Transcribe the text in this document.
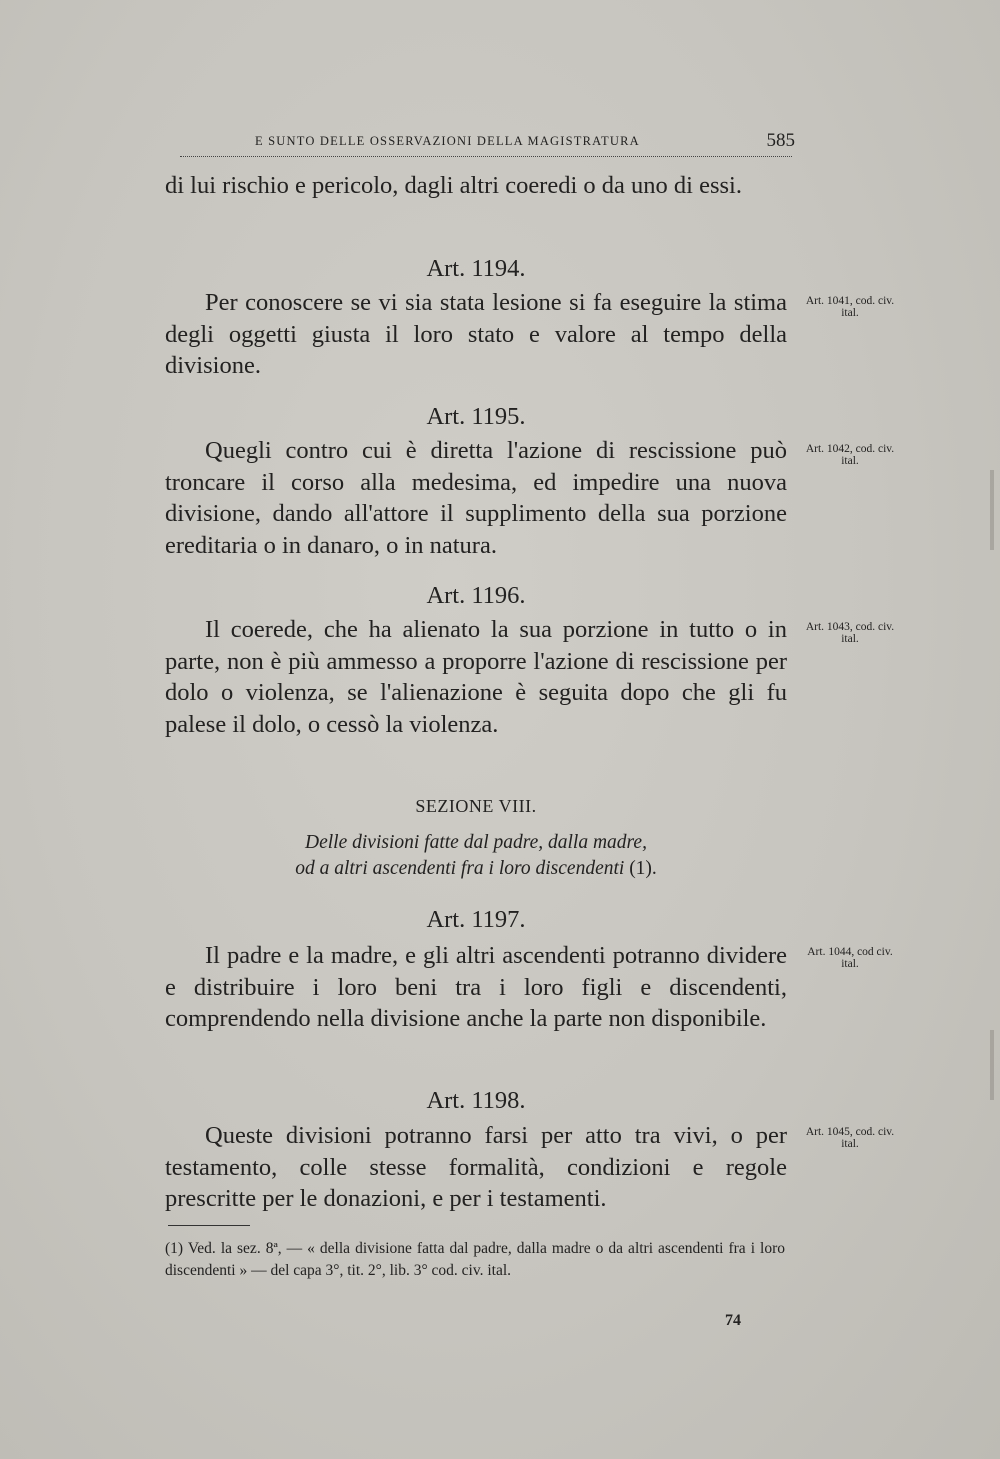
E SUNTO DELLE OSSERVAZIONI DELLA MAGISTRATURA	585
di lui rischio e pericolo, dagli altri coeredi o da uno di essi.
Art. 1194.
Per conoscere se vi sia stata lesione si fa eseguire la stima degli oggetti giusta il loro stato e valore al tempo della divisione.
Art. 1041, cod. civ. ital.
Art. 1195.
Quegli contro cui è diretta l'azione di rescissione può troncare il corso alla medesima, ed impedire una nuova divisione, dando all'attore il supplimento della sua porzione ereditaria o in danaro, o in natura.
Art. 1042, cod. civ. ital.
Art. 1196.
Il coerede, che ha alienato la sua porzione in tutto o in parte, non è più ammesso a proporre l'azione di rescissione per dolo o violenza, se l'alienazione è seguita dopo che gli fu palese il dolo, o cessò la violenza.
Art. 1043, cod. civ. ital.
SEZIONE VIII.
Delle divisioni fatte dal padre, dalla madre,
od a altri ascendenti fra i loro discendenti (1).
Art. 1197.
Il padre e la madre, e gli altri ascendenti potranno dividere e distribuire i loro beni tra i loro figli e discendenti, comprendendo nella divisione anche la parte non disponibile.
Art. 1044, cod civ. ital.
Art. 1198.
Queste divisioni potranno farsi per atto tra vivi, o per testamento, colle stesse formalità, condizioni e regole prescritte per le donazioni, e per i testamenti.
Art. 1045, cod. civ. ital.
(1) Ved. la sez. 8ª, — « della divisione fatta dal padre, dalla madre o da altri ascendenti fra i loro discendenti » — del capa 3°, tit. 2°, lib. 3° cod. civ. ital.
74
